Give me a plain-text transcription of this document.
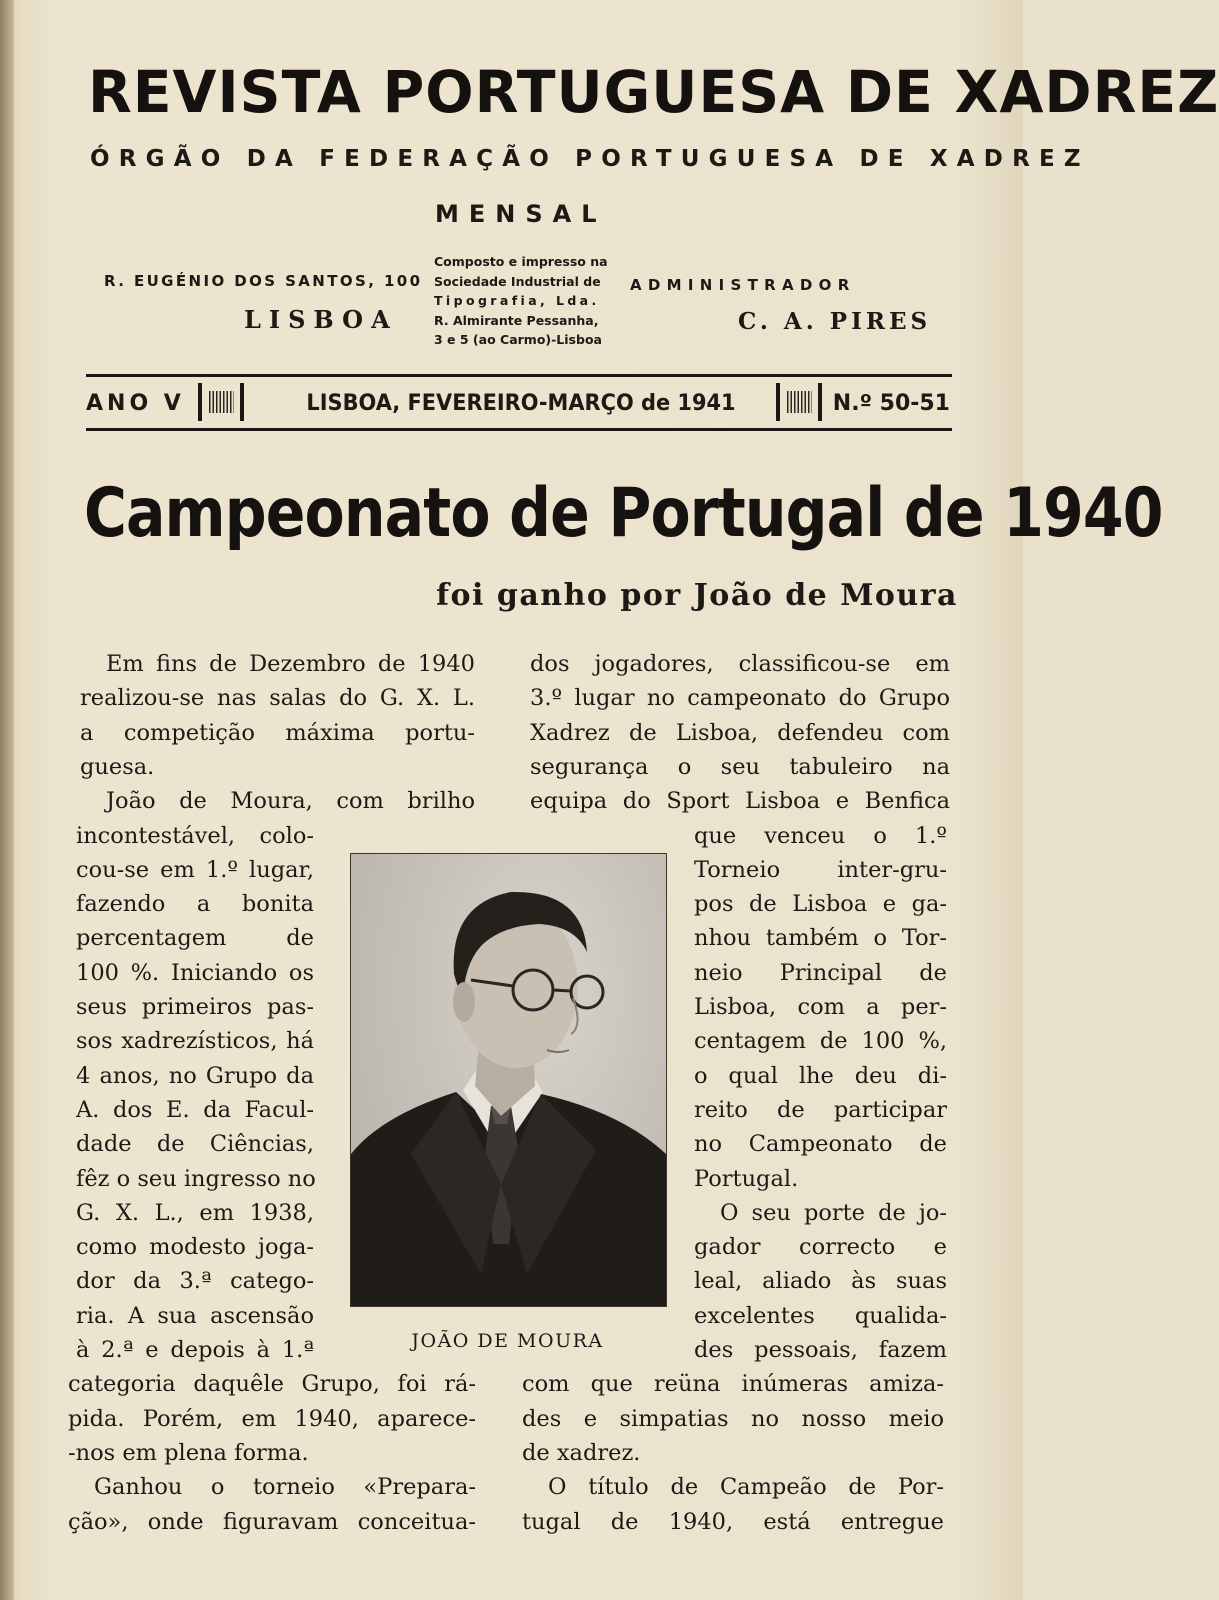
REVISTA PORTUGUESA DE XADREZ
ÓRGÃO DA FEDERAÇÃO PORTUGUESA DE XADREZ
MENSAL
R. EUGÉNIO DOS SANTOS, 100
LISBOA
Composto e impresso na
Sociedade Industrial de
Tipografia, Lda.
R. Almirante Pessanha,
3 e 5 (ao Carmo)-Lisboa
ADMINISTRADOR
C. A. PIRES
ANO V	LISBOA, FEVEREIRO-MARÇO de 1941	N.º 50-51
Campeonato de Portugal de 1940
foi ganho por João de Moura
Em fins de Dezembro de 1940
realizou-se nas salas do G. X. L.
a competição máxima portu-
guesa.
João de Moura, com brilho
incontestável, colo-
cou-se em 1.º lugar,
fazendo a bonita
percentagem de
100 %. Iniciando os
seus primeiros pas-
sos xadrezísticos, há
4 anos, no Grupo da
A. dos E. da Facul-
dade de Ciências,
fêz o seu ingresso no
G. X. L., em 1938,
como modesto joga-
dor da 3.ª catego-
ria. A sua ascensão
à 2.ª e depois à 1.ª
categoria daquêle Grupo, foi rá-
pida. Porém, em 1940, aparece-
-nos em plena forma.
Ganhou o torneio «Prepara-
ção», onde figuravam conceitua-
dos jogadores, classificou-se em
3.º lugar no campeonato do Grupo
Xadrez de Lisboa, defendeu com
segurança o seu tabuleiro na
equipa do Sport Lisboa e Benfica
que venceu o 1.º
Torneio inter-gru-
pos de Lisboa e ga-
nhou também o Tor-
neio Principal de
Lisboa, com a per-
centagem de 100 %,
o qual lhe deu di-
reito de participar
no Campeonato de
Portugal.
O seu porte de jo-
gador correcto e
leal, aliado às suas
excelentes qualida-
des pessoais, fazem
com que reüna inúmeras amiza-
des e simpatias no nosso meio
de xadrez.
O título de Campeão de Por-
tugal de 1940, está entregue
JOÃO DE MOURA
